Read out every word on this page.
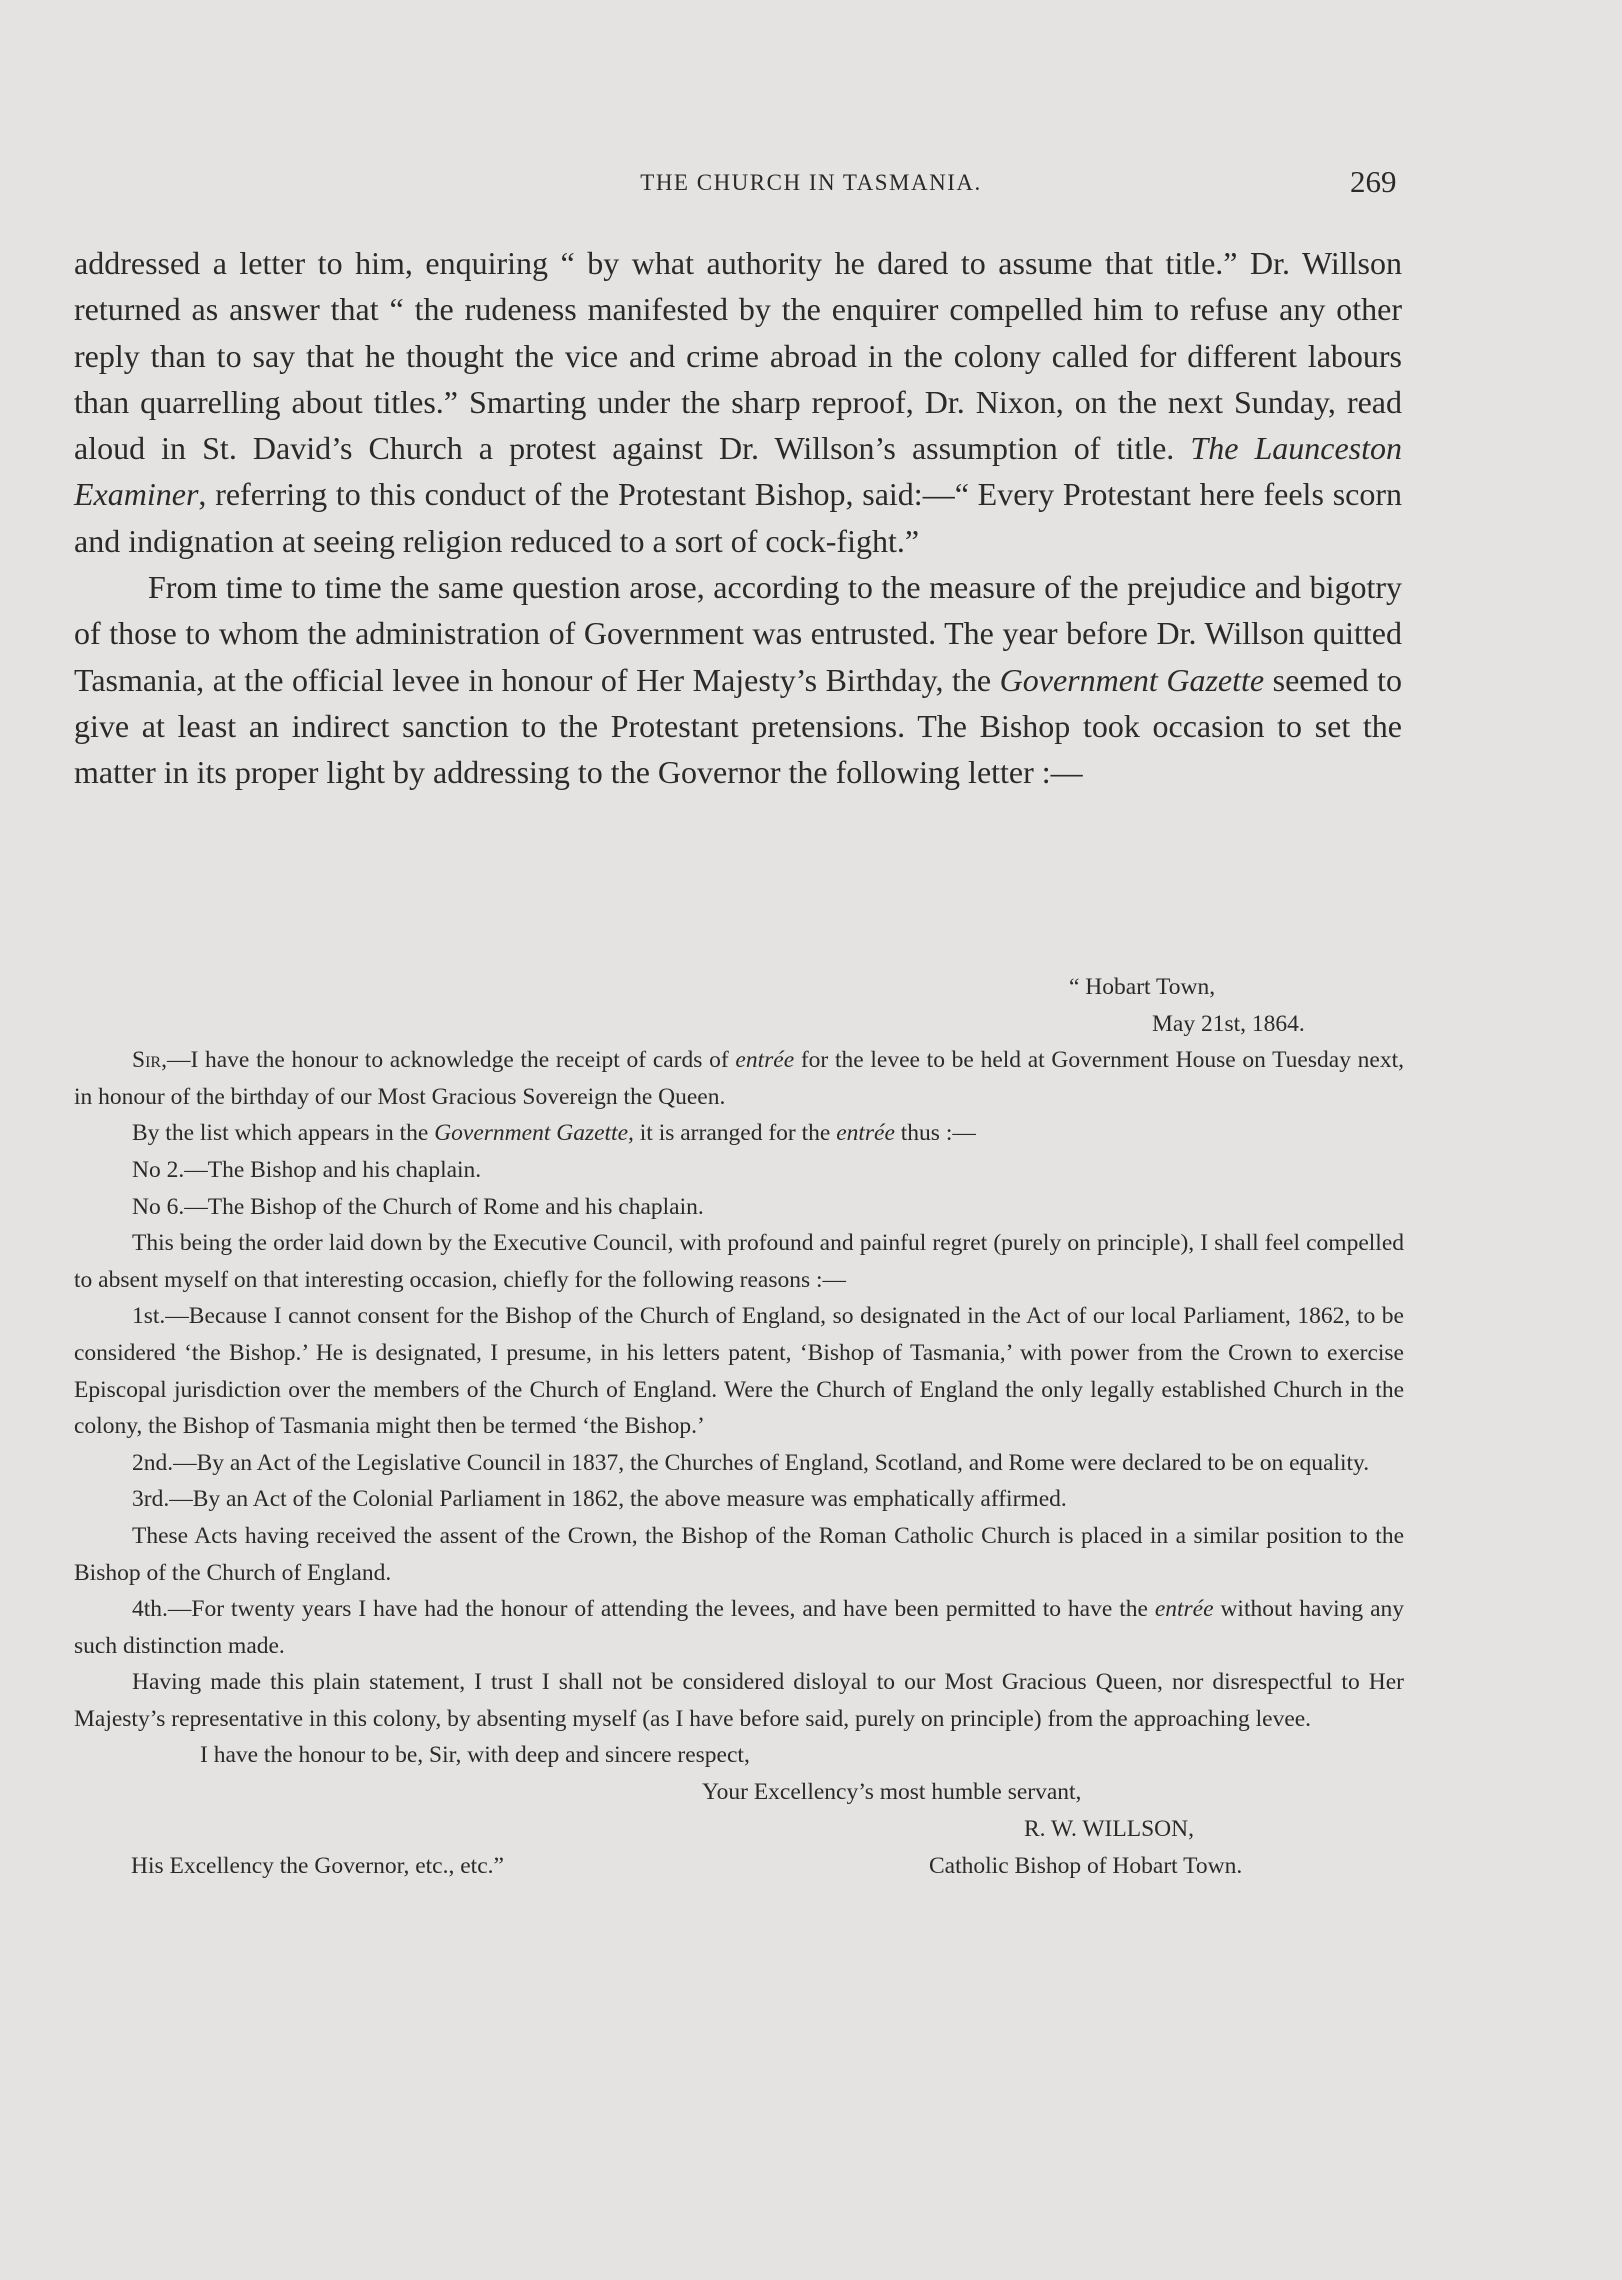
THE CHURCH IN TASMANIA.	269

addressed a letter to him, enquiring “ by what authority he dared to assume that title.” Dr. Willson returned as answer that “ the rudeness manifested by the enquirer compelled him to refuse any other reply than to say that he thought the vice and crime abroad in the colony called for different labours than quarrelling about titles.” Smarting under the sharp reproof, Dr. Nixon, on the next Sunday, read aloud in St. David’s Church a protest against Dr. Willson’s assumption of title. The Launceston Examiner, referring to this conduct of the Protestant Bishop, said:—“ Every Protestant here feels scorn and indignation at seeing religion reduced to a sort of cock-fight.”

From time to time the same question arose, according to the measure of the prejudice and bigotry of those to whom the administration of Government was entrusted. The year before Dr. Willson quitted Tasmania, at the official levee in honour of Her Majesty’s Birthday, the Government Gazette seemed to give at least an indirect sanction to the Protestant pretensions. The Bishop took occasion to set the matter in its proper light by addressing to the Governor the following letter :—

“ Hobart Town,

May 21st, 1864.

Sir,—I have the honour to acknowledge the receipt of cards of entrée for the levee to be held at Government House on Tuesday next, in honour of the birthday of our Most Gracious Sovereign the Queen.

By the list which appears in the Government Gazette, it is arranged for the entrée thus :—

No 2.—The Bishop and his chaplain.

No 6.—The Bishop of the Church of Rome and his chaplain.

This being the order laid down by the Executive Council, with profound and painful regret (purely on principle), I shall feel compelled to absent myself on that interesting occasion, chiefly for the following reasons :—

1st.—Because I cannot consent for the Bishop of the Church of England, so designated in the Act of our local Parliament, 1862, to be considered ‘the Bishop.’ He is designated, I presume, in his letters patent, ‘Bishop of Tasmania,’ with power from the Crown to exercise Episcopal jurisdiction over the members of the Church of England. Were the Church of England the only legally established Church in the colony, the Bishop of Tasmania might then be termed ‘the Bishop.’

2nd.—By an Act of the Legislative Council in 1837, the Churches of England, Scotland, and Rome were declared to be on equality.

3rd.—By an Act of the Colonial Parliament in 1862, the above measure was emphatically affirmed.

These Acts having received the assent of the Crown, the Bishop of the Roman Catholic Church is placed in a similar position to the Bishop of the Church of England.

4th.—For twenty years I have had the honour of attending the levees, and have been permitted to have the entrée without having any such distinction made.

Having made this plain statement, I trust I shall not be considered disloyal to our Most Gracious Queen, nor disrespectful to Her Majesty’s representative in this colony, by absenting myself (as I have before said, purely on principle) from the approaching levee.

I have the honour to be, Sir, with deep and sincere respect,

Your Excellency’s most humble servant,
R. W. WILLSON,
His Excellency the Governor, etc., etc.”	Catholic Bishop of Hobart Town.
